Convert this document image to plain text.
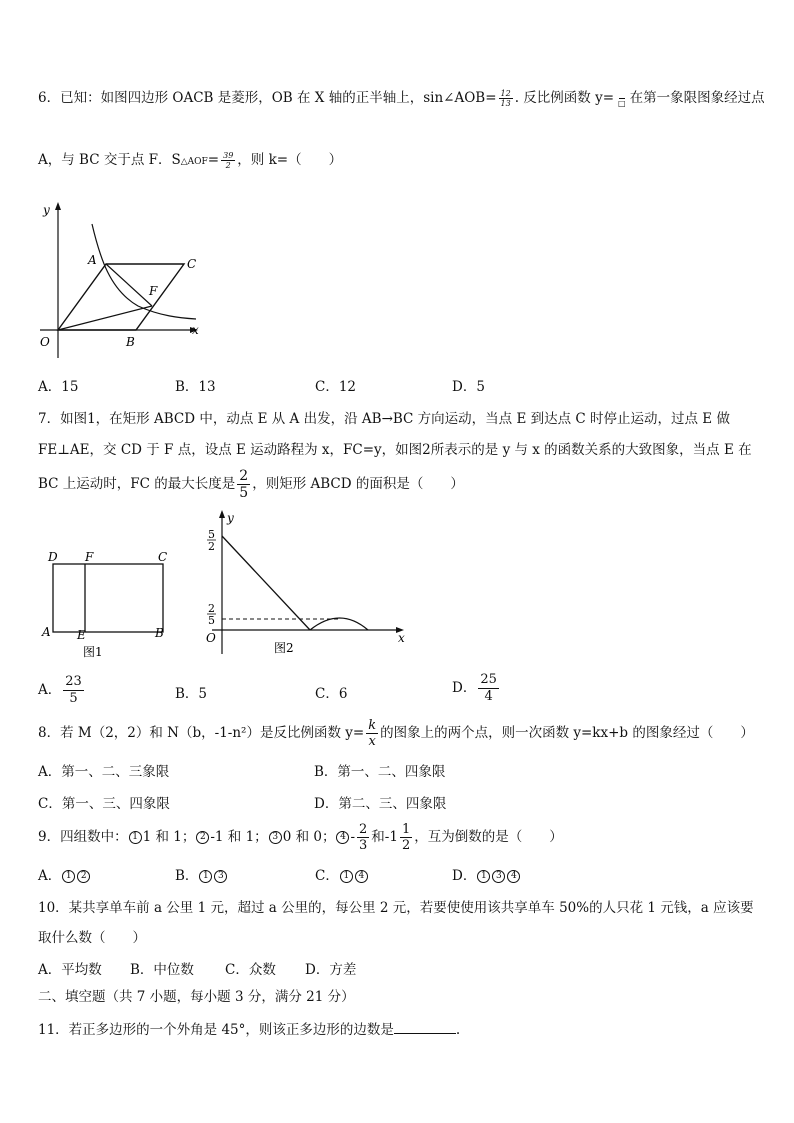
6．已知：如图四边形 OACB 是菱形，OB 在 X 轴的正半轴上，sin∠AOB= $\frac{12}{13}$ . 反比例函数 y=
□ 在第一象限图象经过点
A，与 BC 交于点 F．S△AOF= $\frac{39}{2}$ ，则 k=（　　）
y
x
O
A
B
C
F
A．15	B．13	C．12	D．5
7．如图1，在矩形 ABCD 中，动点 E 从 A 出发，沿 AB→BC 方向运动，当点 E 到达点 C 时停止运动，过点 E 做
FE⊥AE，交 CD 于 F 点，设点 E 运动路程为 x，FC=y，如图2所表示的是 y 与 x 的函数关系的大致图象，当点 E 在
BC 上运动时，FC 的最大长度是 $\frac{2}{5}$ ，则矩形 ABCD 的面积是（　　）
D F	C
A E	B
图1
y
x
O
5
2
2
5
图2
A． $\frac{23}{5}$	B．5	C．6	D． $\frac{25}{4}$
8．若 M（2，2）和 N（b，-1-n²）是反比例函数 $y= \frac{k}{x}$ 的图象上的两个点，则一次函数 y=kx+b 的图象经过（　　）
A．第一、二、三象限	B．第一、二、四象限
C．第一、三、四象限	D．第二、三、四象限
9．四组数中： 1 1 和 1； 2 -1 和 1； 3 0 和 0； $4 - \frac{2}{3}$ 和$-1 \frac{1}{2}$ ，互为倒数的是（　　）
A． 1 2	B． 1 3	C． 1 4	D． 1 3 4
10．某共享单车前 a 公里 1 元，超过 a 公里的，每公里 2 元，若要使使用该共享单车 50%的人只花 1 元钱，a 应该要
取什么数（　　）
A．平均数 B．中位数 C．众数 D．方差
二、填空题（共 7 小题，每小题 3 分，满分 21 分）
11．若正多边形的一个外角是 45°，则该正多边形的边数是	.
